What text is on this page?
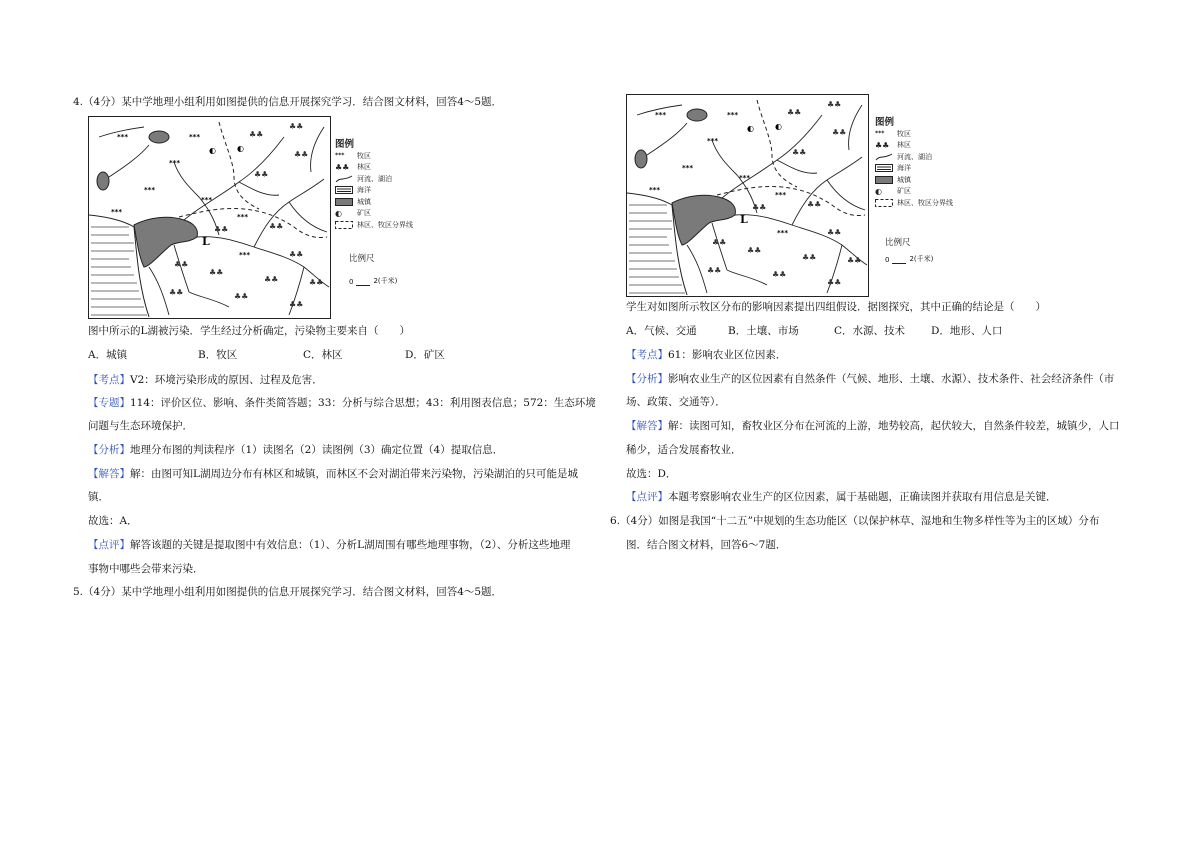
4.（4分）某中学地理小组利用如图提供的信息开展探究学习．结合图文材料，回答4～5题．
L
***	***
***
***
***
***
***
***
♣♣
♣♣
♣♣
♣♣
♣♣	♣♣
♣♣
♣♣
♣♣
♣♣
♣♣	♣♣
♣♣
♣♣
◐
◐
图例
***	牧区
♣♣	林区
河流、湖泊
海洋
城镇
◐	矿区
林区、牧区分界线
比例尺
0	2(千米)
图中所示的L湖被污染．学生经过分析确定，污染物主要来自（　　）
A．城镇	B．牧区	C．林区	D．矿区
【考点】V2：环境污染形成的原因、过程及危害．
【专题】114：评价区位、影响、条件类简答题；33：分析与综合思想；43：利用图表信息；572：生态环境
问题与生态环境保护．
【分析】地理分布图的判读程序（1）读图名（2）读图例（3）确定位置（4）提取信息．
【解答】解：由图可知L湖周边分布有林区和城镇，而林区不会对湖泊带来污染物，污染湖泊的只可能是城
镇．
故选：A．
【点评】解答该题的关键是提取图中有效信息：（1）、分析L湖周围有哪些地理事物，（2）、分析这些地理
事物中哪些会带来污染．
5.（4分）某中学地理小组利用如图提供的信息开展探究学习．结合图文材料，回答4～5题．
L
***	***
***
***
***
***
***
***
♣♣
♣♣
♣♣
♣♣
♣♣	♣♣
♣♣
♣♣
♣♣
♣♣
♣♣	♣♣
♣♣
♣♣
◐
◐
图例
***	牧区
♣♣	林区
河流、湖泊
海洋
城镇
◐	矿区
林区、牧区分界线
比例尺
0	2(千米)
学生对如图所示牧区分布的影响因素提出四组假设．据图探究，其中正确的结论是（　　）
A．气候、交通	B．土壤、市场	C．水源、技术 D．地形、人口
【考点】61：影响农业区位因素．
【分析】影响农业生产的区位因素有自然条件（气候、地形、土壤、水源）、技术条件、社会经济条件（市
场、政策、交通等）．
【解答】解：读图可知，畜牧业区分布在河流的上游，地势较高，起伏较大，自然条件较差，城镇少，人口
稀少，适合发展畜牧业．
故选：D．
【点评】本题考察影响农业生产的区位因素，属于基础题，正确读图并获取有用信息是关键．
6.（4分）如图是我国“十二五”中规划的生态功能区（以保护林草、湿地和生物多样性等为主的区域）分布
图．结合图文材料，回答6～7题．
